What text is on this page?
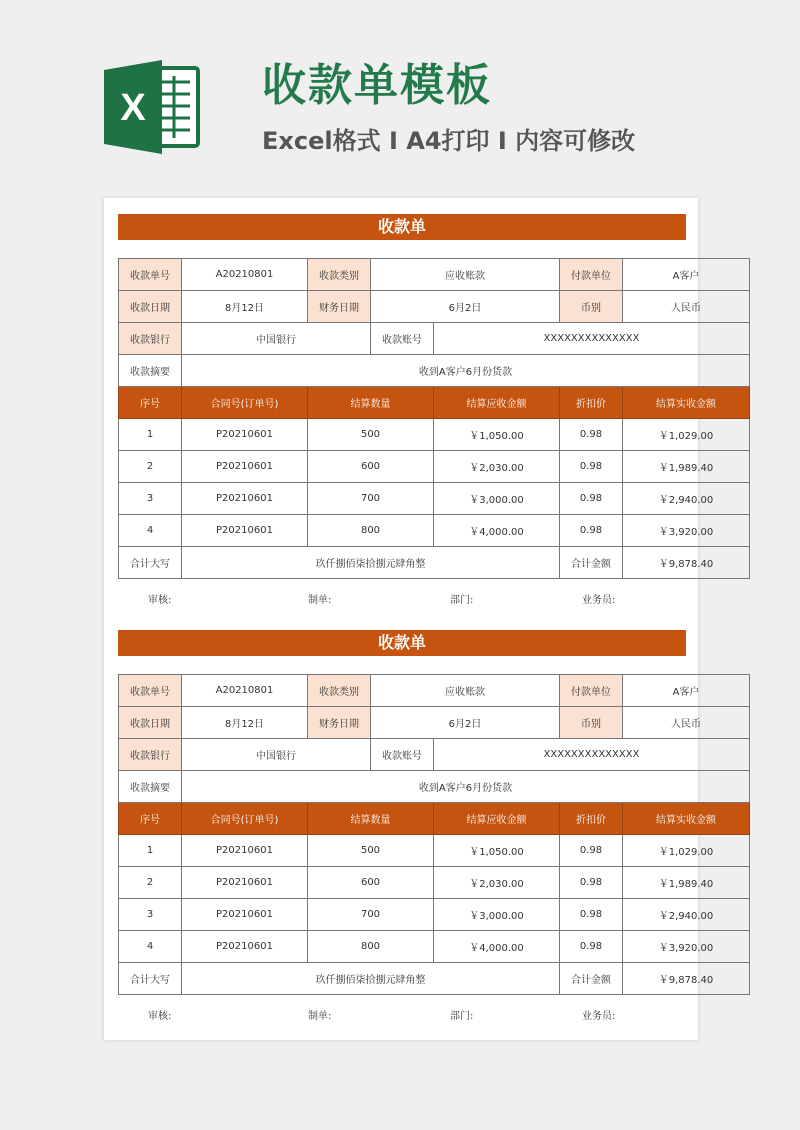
X	收款单模板
Excel格式 I A4打印 I 内容可修改
收款单
收款单号	A20210801	收款类别	应收账款		付款单位	A客户
收款日期	8月12日	财务日期	6月2日		币别	人民币
收款银行	中国银行		收款账号	XXXXXXXXXXXXXX		
收款摘要	收到A客户6月份货款					
序号	合同号(订单号)	结算数量		结算应收金额	折扣价	结算实收金额
1	P20210601	500		￥1,050.00	0.98	￥1,029.00
2	P20210601	600		￥2,030.00	0.98	￥1,989.40
3	P20210601	700		￥3,000.00	0.98	￥2,940.00
4	P20210601	800		￥4,000.00	0.98	￥3,920.00
合计大写	玖仟捌佰柒拾捌元肆角整				合计金额	￥9,878.40
审核:	制单:	部门:	业务员:
收款单
收款单号	A20210801	收款类别	应收账款		付款单位	A客户
收款日期	8月12日	财务日期	6月2日		币别	人民币
收款银行	中国银行		收款账号	XXXXXXXXXXXXXX		
收款摘要	收到A客户6月份货款					
序号	合同号(订单号)	结算数量		结算应收金额	折扣价	结算实收金额
1	P20210601	500		￥1,050.00	0.98	￥1,029.00
2	P20210601	600		￥2,030.00	0.98	￥1,989.40
3	P20210601	700		￥3,000.00	0.98	￥2,940.00
4	P20210601	800		￥4,000.00	0.98	￥3,920.00
合计大写	玖仟捌佰柒拾捌元肆角整				合计金额	￥9,878.40
审核:	制单:	部门:	业务员:
